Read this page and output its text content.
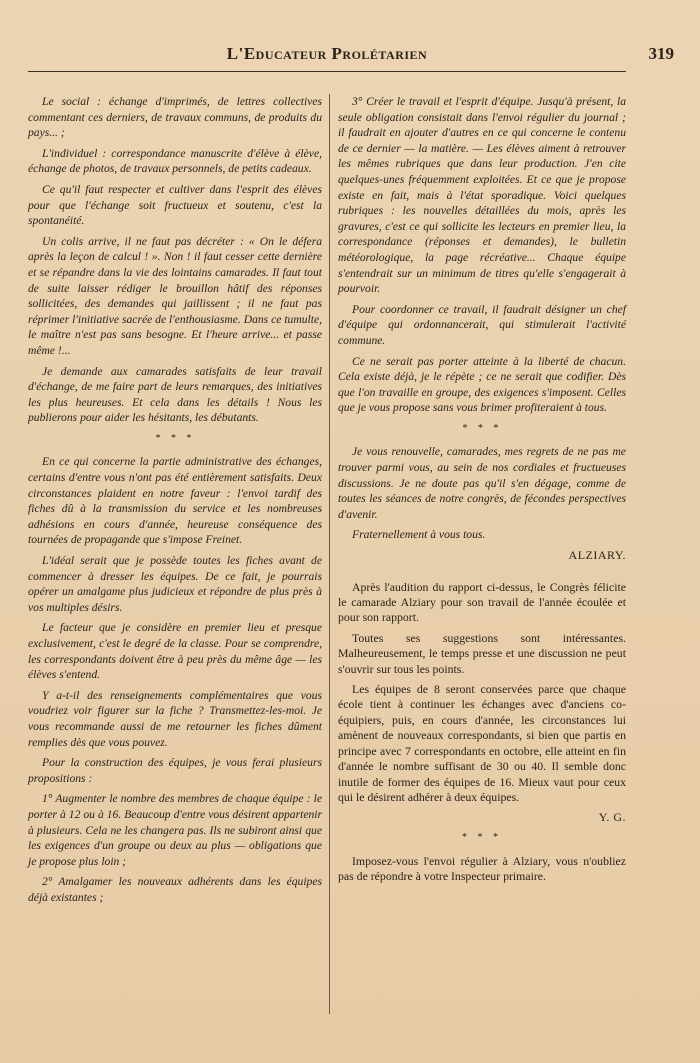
L'Educateur Prolétarien	319

Le social : échange d'imprimés, de lettres collectives commentant ces derniers, de travaux communs, de produits du pays... ;

L'individuel : correspondance manuscrite d'élève à élève, échange de photos, de travaux personnels, de petits cadeaux.

Ce qu'il faut respecter et cultiver dans l'esprit des élèves pour que l'échange soit fructueux et soutenu, c'est la spontanéité.

Un colis arrive, il ne faut pas décréter : « On le défera après la leçon de calcul ! ». Non ! il faut cesser cette dernière et se répandre dans la vie des lointains camarades. Il faut tout de suite laisser rédiger le brouillon hâtif des réponses sollicitées, des demandes qui jaillissent ; il ne faut pas réprimer l'initiative sacrée de l'enthousiasme. Dans ce tumulte, le maître n'est pas sans besogne. Et l'heure arrive... et passe même !...

Je demande aux camarades satisfaits de leur travail d'échange, de me faire part de leurs remarques, des initiatives les plus heureuses. Et cela dans les détails ! Nous les publierons pour aider les hésitants, les débutants.

* * *

En ce qui concerne la partie administrative des échanges, certains d'entre vous n'ont pas été entièrement satisfaits. Deux circonstances plaident en notre faveur : l'envoi tardif des fiches dû à la transmission du service et les nombreuses adhésions en cours d'année, heureuse conséquence des tournées de propagande que s'impose Freinet.

L'idéal serait que je possède toutes les fiches avant de commencer à dresser les équipes. De ce fait, je pourrais opérer un amalgame plus judicieux et répondre de plus près à vos multiples désirs.

Le facteur que je considère en premier lieu et presque exclusivement, c'est le degré de la classe. Pour se comprendre, les correspondants doivent être à peu près du même âge — les élèves s'entend.

Y a-t-il des renseignements complémentaires que vous voudriez voir figurer sur la fiche ? Transmettez-les-moi. Je vous recommande aussi de me retourner les fiches dûment remplies dès que vous pouvez.

Pour la construction des équipes, je vous ferai plusieurs propositions :

1° Augmenter le nombre des membres de chaque équipe : le porter à 12 ou à 16. Beaucoup d'entre vous désirent appartenir à plusieurs. Cela ne les changera pas. Ils ne subiront ainsi que les exigences d'un groupe ou deux au plus — obligations que je propose plus loin ;

2° Amalgamer les nouveaux adhérents dans les équipes déjà existantes ;

3° Créer le travail et l'esprit d'équipe. Jusqu'à présent, la seule obligation consistait dans l'envoi régulier du journal ; il faudrait en ajouter d'autres en ce qui concerne le contenu de ce dernier — la matière. — Les élèves aiment à retrouver les mêmes rubriques que dans leur production. J'en cite quelques-unes fréquemment exploitées. Et ce que je propose existe en fait, mais à l'état sporadique. Voici quelques rubriques : les nouvelles détaillées du mois, après les gravures, c'est ce qui sollicite les lecteurs en premier lieu, la correspondance (réponses et demandes), le bulletin météorologique, la page récréative... Chaque équipe s'entendrait sur un minimum de titres qu'elle s'engagerait à pourvoir.

Pour coordonner ce travail, il faudrait désigner un chef d'équipe qui ordonnancerait, qui stimulerait l'activité commune.

Ce ne serait pas porter atteinte à la liberté de chacun. Cela existe déjà, je le répète ; ce ne serait que codifier. Dès que l'on travaille en groupe, des exigences s'imposent. Celles que je vous propose sans vous brimer profiteraient à tous.

* * *

Je vous renouvelle, camarades, mes regrets de ne pas me trouver parmi vous, au sein de nos cordiales et fructueuses discussions. Je ne doute pas qu'il s'en dégage, comme de toutes les séances de notre congrès, de fécondes perspectives d'avenir.

Fraternellement à vous tous.

ALZIARY.

Après l'audition du rapport ci-dessus, le Congrès félicite le camarade Alziary pour son travail de l'année écoulée et pour son rapport.

Toutes ses suggestions sont intéressantes. Malheureusement, le temps presse et une discussion ne peut s'ouvrir sur tous les points.

Les équipes de 8 seront conservées parce que chaque école tient à continuer les échanges avec d'anciens co-équipiers, puis, en cours d'année, les circonstances lui amènent de nouveaux correspondants, si bien que partis en principe avec 7 correspondants en octobre, elle atteint en fin d'année le nombre suffisant de 30 ou 40. Il semble donc inutile de former des équipes de 16. Mieux vaut pour ceux qui le désirent adhérer à deux équipes.

Y. G.
* * *

Imposez-vous l'envoi régulier à Alziary, vous n'oubliez pas de répondre à votre Inspecteur primaire.
